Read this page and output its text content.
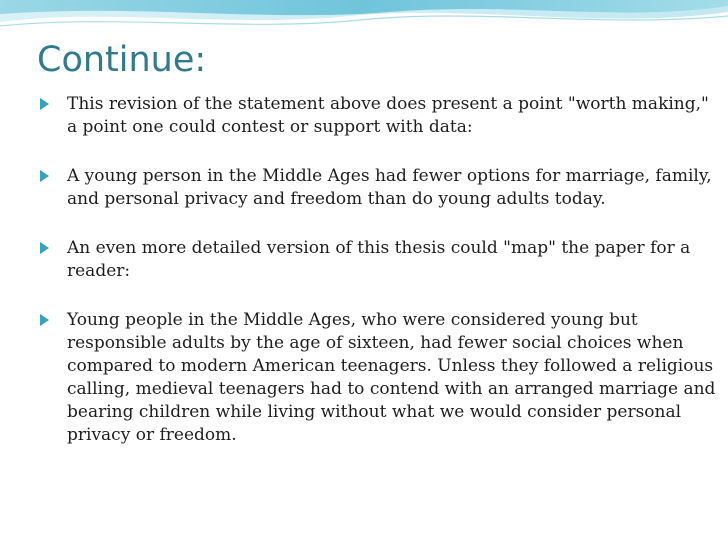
Continue:
This revision of the statement above does present a point "worth making," a point one could contest or support with data:
A young person in the Middle Ages had fewer options for marriage, family, and personal privacy and freedom than do young adults today.
An even more detailed version of this thesis could "map" the paper for a reader:
Young people in the Middle Ages, who were considered young but responsible adults by the age of sixteen, had fewer social choices when compared to modern American teenagers. Unless they followed a religious calling, medieval teenagers had to contend with an arranged marriage and bearing children while living without what we would consider personal privacy or freedom.
